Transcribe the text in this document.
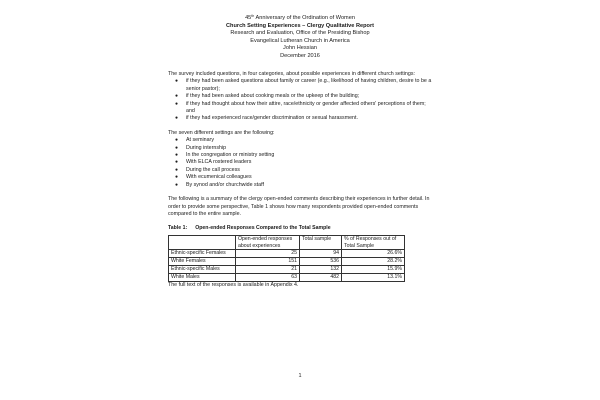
45th Anniversary of the Ordination of Women
Church Setting Experiences – Clergy Qualitative Report
Research and Evaluation, Office of the Presiding Bishop
Evangelical Lutheran Church in America
John Hessian
December 2016

The survey included questions, in four categories, about possible experiences in different church settings:

● if they had been asked questions about family or career (e.g., likelihood of having children, desire to be a senior pastor);
● if they had been asked about cooking meals or the upkeep of the building;
● if they had thought about how their attire, race/ethnicity or gender affected others' perceptions of them; and
● if they had experienced race/gender discrimination or sexual harassment.

The seven different settings are the following:

● At seminary
● During internship
● In the congregation or ministry setting
● With ELCA rostered leaders
● During the call process
● With ecumenical colleagues
● By synod and/or churchwide staff

The following is a summary of the clergy open-ended comments describing their experiences in further detail. In order to provide some perspective, Table 1 shows how many respondents provided open-ended comments compared to the entire sample.

Table 1: Open-ended Responses Compared to the Total Sample
	Open-ended responses about experiences	Total sample	% of Responses out of Total Sample
Ethnic-specific Females	25	94	26.6%
White Females	151	536	28.2%
Ethnic-specific Males	21	132	15.9%
White Males	63	482	13.1%

The full text of the responses is available in Appendix 4.

1
